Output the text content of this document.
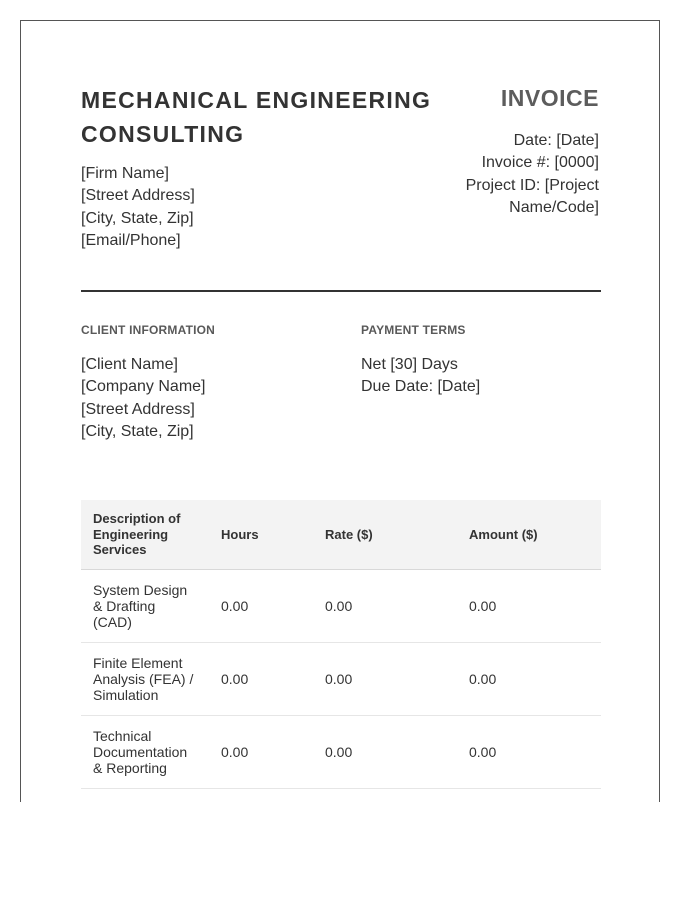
MECHANICAL ENGINEERING CONSULTING
[Firm Name]
[Street Address]
[City, State, Zip]
[Email/Phone]
INVOICE
Date: [Date]
Invoice #: [0000]
Project ID: [Project Name/Code]
CLIENT INFORMATION
[Client Name]
[Company Name]
[Street Address]
[City, State, Zip]
PAYMENT TERMS
Net [30] Days
Due Date: [Date]
Description of Engineering Services	Hours	Rate ($)	Amount ($)
System Design & Drafting (CAD)	0.00	0.00	0.00
Finite Element Analysis (FEA) / Simulation	0.00	0.00	0.00
Technical Documentation & Reporting	0.00	0.00	0.00
